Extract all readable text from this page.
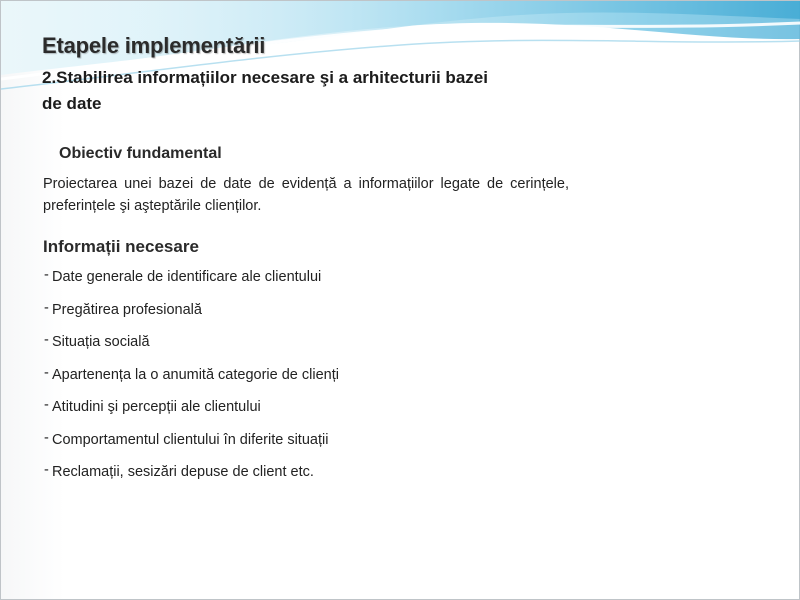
Etapele implementării
2.Stabilirea informațiilor necesare şi a arhitecturii bazei de date
Obiectiv fundamental

Proiectarea unei bazei de date de evidență a informațiilor legate de cerințele, preferințele şi aşteptările clienților.

Informații necesare
- Date generale de identificare ale clientului
- Pregătirea profesională
- Situația socială
- Apartenența la o anumită categorie de clienți
- Atitudini şi percepții ale clientului
- Comportamentul clientului în diferite situații
- Reclamații, sesizări depuse de client etc.
